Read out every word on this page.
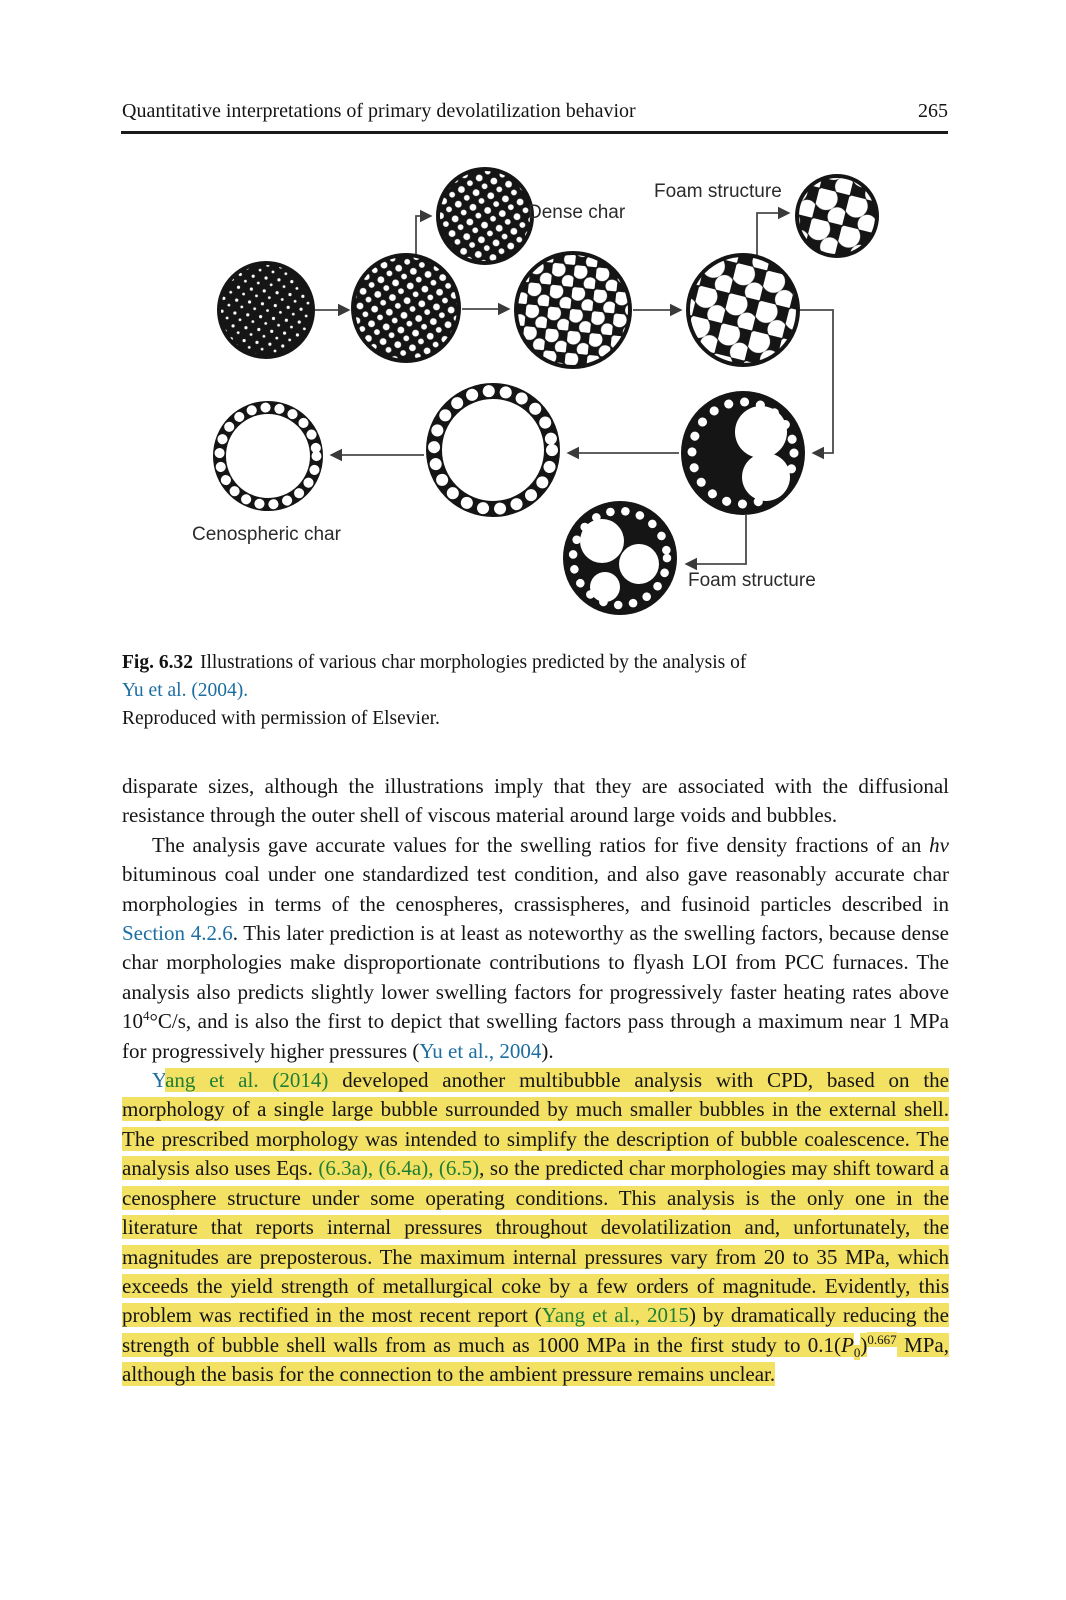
Quantitative interpretations of primary devolatilization behavior	265
Dense char
Foam structure
Cenospheric char
Foam structure
Fig. 6.32 Illustrations of various char morphologies predicted by the analysis of
Yu et al. (2004).
Reproduced with permission of Elsevier.

disparate sizes, although the illustrations imply that they are associated with the diffusional resistance through the outer shell of viscous material around large voids and bubbles.

The analysis gave accurate values for the swelling ratios for five density fractions of an hv bituminous coal under one standardized test condition, and also gave reasonably accurate char morphologies in terms of the cenospheres, crassispheres, and fusinoid particles described in Section 4.2.6. This later prediction is at least as noteworthy as the swelling factors, because dense char morphologies make disproportionate contributions to flyash LOI from PCC furnaces. The analysis also predicts slightly lower swelling factors for progressively faster heating rates above $10^4^\circ C/s$, and is also the first to depict that swelling factors pass through a maximum near 1 MPa for progressively higher pressures (Yu et al., 2004).

Yang et al. (2014) developed another multibubble analysis with CPD, based on the morphology of a single large bubble surrounded by much smaller bubbles in the external shell. The prescribed morphology was intended to simplify the description of bubble coalescence. The analysis also uses Eqs. (6.3a), (6.4a), (6.5), so the predicted char morphologies may shift toward a cenosphere structure under some operating conditions. This analysis is the only one in the literature that reports internal pressures throughout devolatilization and, unfortunately, the magnitudes are preposterous. The maximum internal pressures vary from 20 to 35 MPa, which exceeds the yield strength of metallurgical coke by a few orders of magnitude. Evidently, this problem was rectified in the most recent report (Yang et al., 2015) by dramatically reducing the strength of bubble shell walls from as much as 1000 MPa in the first study to $0.1(P_0)^{0.667}$ MPa, although the basis for the connection to the ambient pressure remains unclear.
